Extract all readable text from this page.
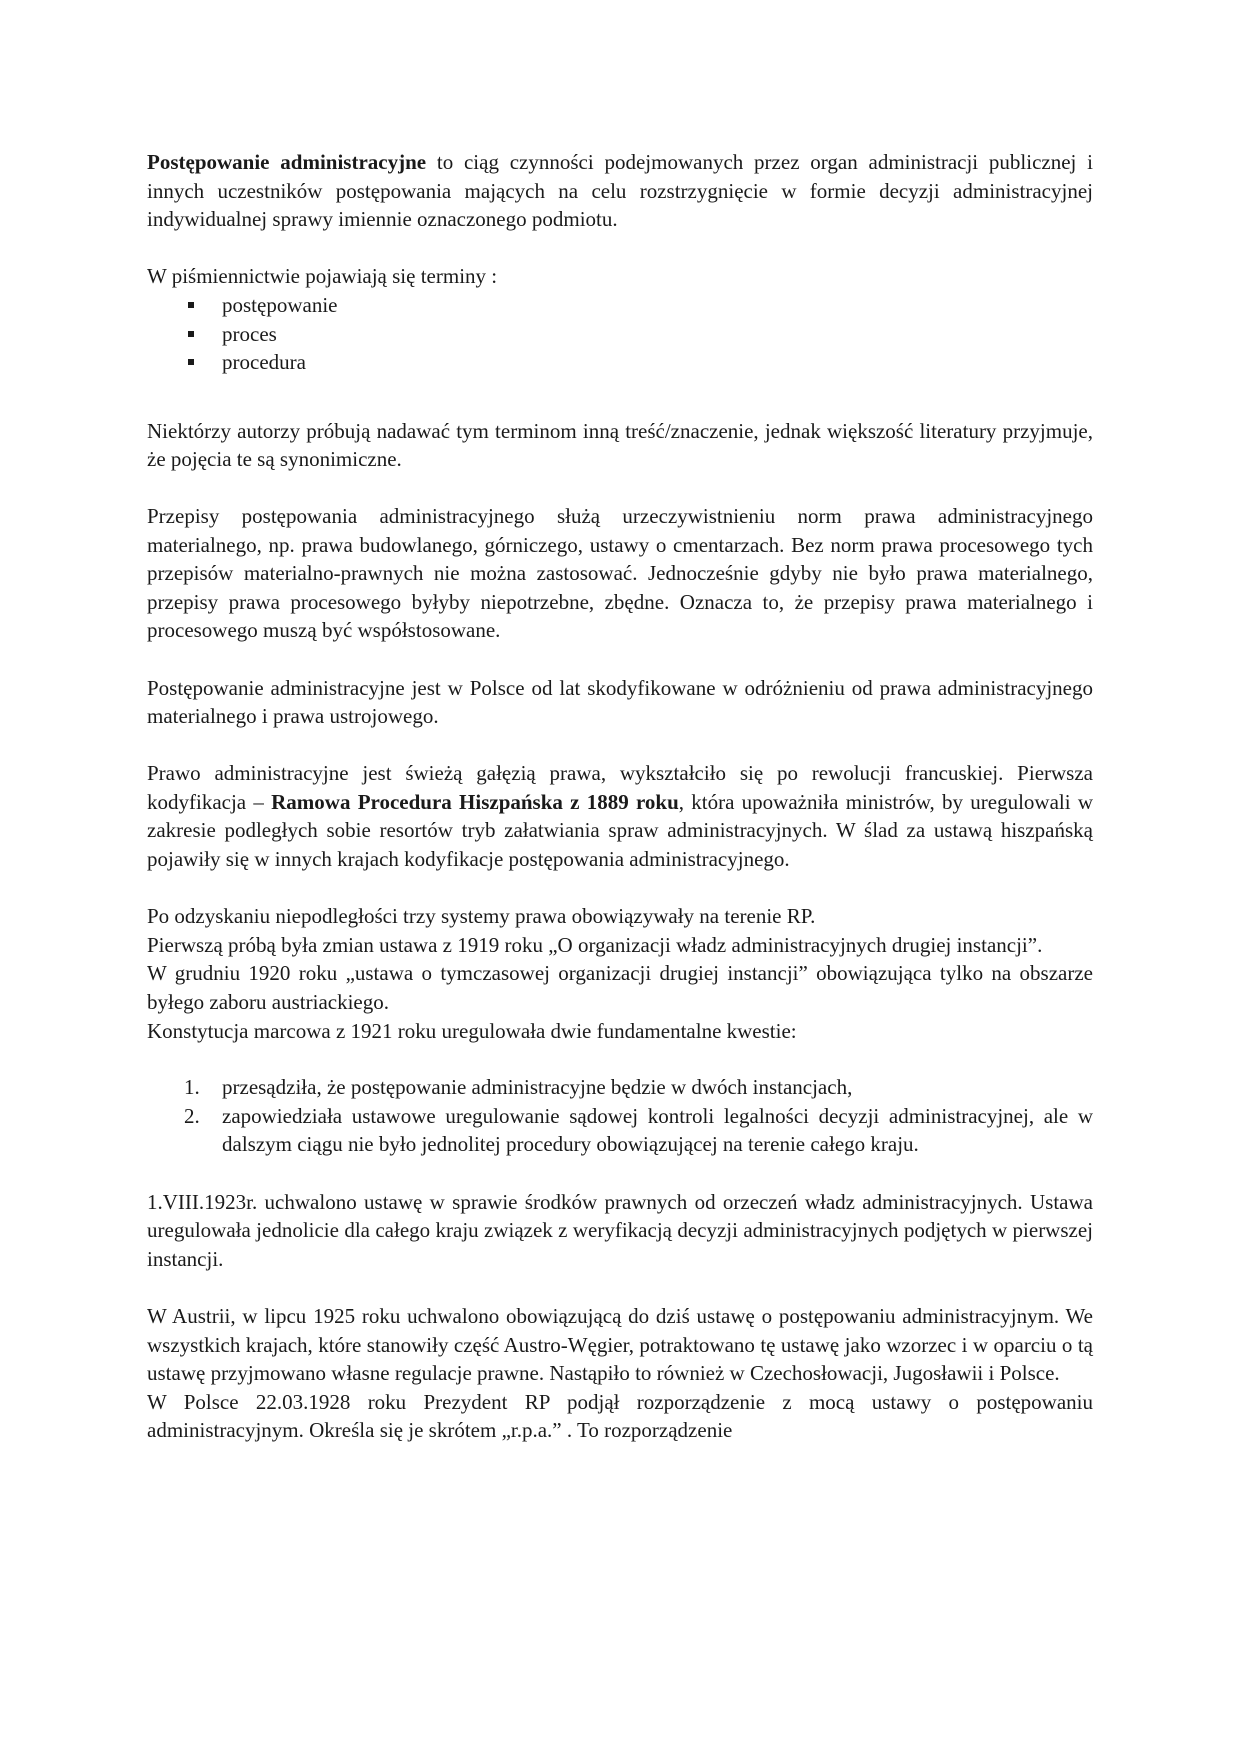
Postępowanie administracyjne to ciąg czynności podejmowanych przez organ administracji publicznej i innych uczestników postępowania mających na celu rozstrzygnięcie w formie decyzji administracyjnej indywidualnej sprawy imiennie oznaczonego podmiotu.

W piśmiennictwie pojawiają się terminy :

postępowanie
proces
procedura

Niektórzy autorzy próbują nadawać tym terminom inną treść/znaczenie, jednak większość literatury przyjmuje, że pojęcia te są synonimiczne.

Przepisy postępowania administracyjnego służą urzeczywistnieniu norm prawa administracyjnego materialnego, np. prawa budowlanego, górniczego, ustawy o cmentarzach. Bez norm prawa procesowego tych przepisów materialno-prawnych nie można zastosować. Jednocześnie gdyby nie było prawa materialnego, przepisy prawa procesowego byłyby niepotrzebne, zbędne. Oznacza to, że przepisy prawa materialnego i procesowego muszą być współstosowane.

Postępowanie administracyjne jest w Polsce od lat skodyfikowane w odróżnieniu od prawa administracyjnego materialnego i prawa ustrojowego.

Prawo administracyjne jest świeżą gałęzią prawa, wykształciło się po rewolucji francuskiej. Pierwsza kodyfikacja – Ramowa Procedura Hiszpańska z 1889 roku, która upoważniła ministrów, by uregulowali w zakresie podległych sobie resortów tryb załatwiania spraw administracyjnych. W ślad za ustawą hiszpańską pojawiły się w innych krajach kodyfikacje postępowania administracyjnego.

Po odzyskaniu niepodległości trzy systemy prawa obowiązywały na terenie RP.

Pierwszą próbą była zmian ustawa z 1919 roku „O organizacji władz administracyjnych drugiej instancji”.

W grudniu 1920 roku „ustawa o tymczasowej organizacji drugiej instancji” obowiązująca tylko na obszarze byłego zaboru austriackiego.

Konstytucja marcowa z 1921 roku uregulowała dwie fundamentalne kwestie:

1. przesądziła, że postępowanie administracyjne będzie w dwóch instancjach,
2. zapowiedziała ustawowe uregulowanie sądowej kontroli legalności decyzji administracyjnej, ale w dalszym ciągu nie było jednolitej procedury obowiązującej na terenie całego kraju.

1.VIII.1923r. uchwalono ustawę w sprawie środków prawnych od orzeczeń władz administracyjnych. Ustawa uregulowała jednolicie dla całego kraju związek z weryfikacją decyzji administracyjnych podjętych w pierwszej instancji.

W Austrii, w lipcu 1925 roku uchwalono obowiązującą do dziś ustawę o postępowaniu administracyjnym. We wszystkich krajach, które stanowiły część Austro-Węgier, potraktowano tę ustawę jako wzorzec i w oparciu o tą ustawę przyjmowano własne regulacje prawne. Nastąpiło to również w Czechosłowacji, Jugosławii i Polsce.

W Polsce 22.03.1928 roku Prezydent RP podjął rozporządzenie z mocą ustawy o postępowaniu administracyjnym. Określa się je skrótem „r.p.a.” . To rozporządzenie
